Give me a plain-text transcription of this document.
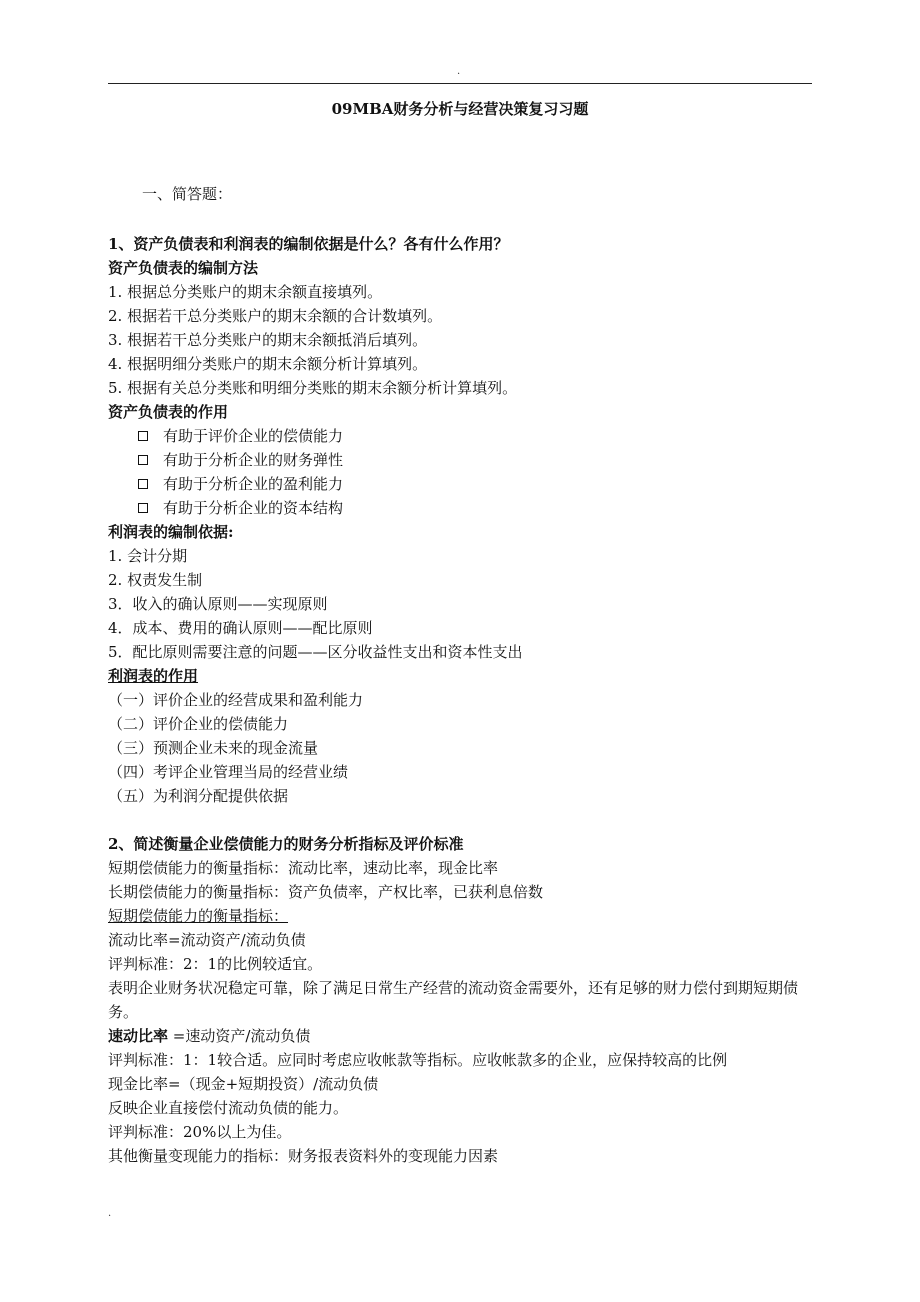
.
09MBA财务分析与经营决策复习习题
一、简答题：
1、资产负债表和利润表的编制依据是什么？各有什么作用？
资产负债表的编制方法
1. 根据总分类账户的期末余额直接填列。
2. 根据若干总分类账户的期末余额的合计数填列。
3. 根据若干总分类账户的期末余额抵消后填列。
4. 根据明细分类账户的期末余额分析计算填列。
5. 根据有关总分类账和明细分类账的期末余额分析计算填列。
资产负债表的作用
有助于评价企业的偿债能力
有助于分析企业的财务弹性
有助于分析企业的盈利能力
有助于分析企业的资本结构
利润表的编制依据:
1. 会计分期
2. 权责发生制
3．收入的确认原则——实现原则
4．成本、费用的确认原则——配比原则
5．配比原则需要注意的问题——区分收益性支出和资本性支出
利润表的作用
（一）评价企业的经营成果和盈利能力
（二）评价企业的偿债能力
（三）预测企业未来的现金流量
（四）考评企业管理当局的经营业绩
（五）为利润分配提供依据
2、简述衡量企业偿债能力的财务分析指标及评价标准
短期偿债能力的衡量指标：流动比率，速动比率，现金比率
长期偿债能力的衡量指标：资产负债率，产权比率，已获利息倍数
短期偿债能力的衡量指标：
流动比率=流动资产/流动负债
评判标准：2：1的比例较适宜。
表明企业财务状况稳定可靠，除了满足日常生产经营的流动资金需要外，还有足够的财力偿付到期短期债务。
速动比率 =速动资产/流动负债
评判标准：1：1较合适。应同时考虑应收帐款等指标。应收帐款多的企业，应保持较高的比例
现金比率=（现金+短期投资）/流动负债
反映企业直接偿付流动负债的能力。
评判标准：20%以上为佳。
其他衡量变现能力的指标：财务报表资料外的变现能力因素
.
